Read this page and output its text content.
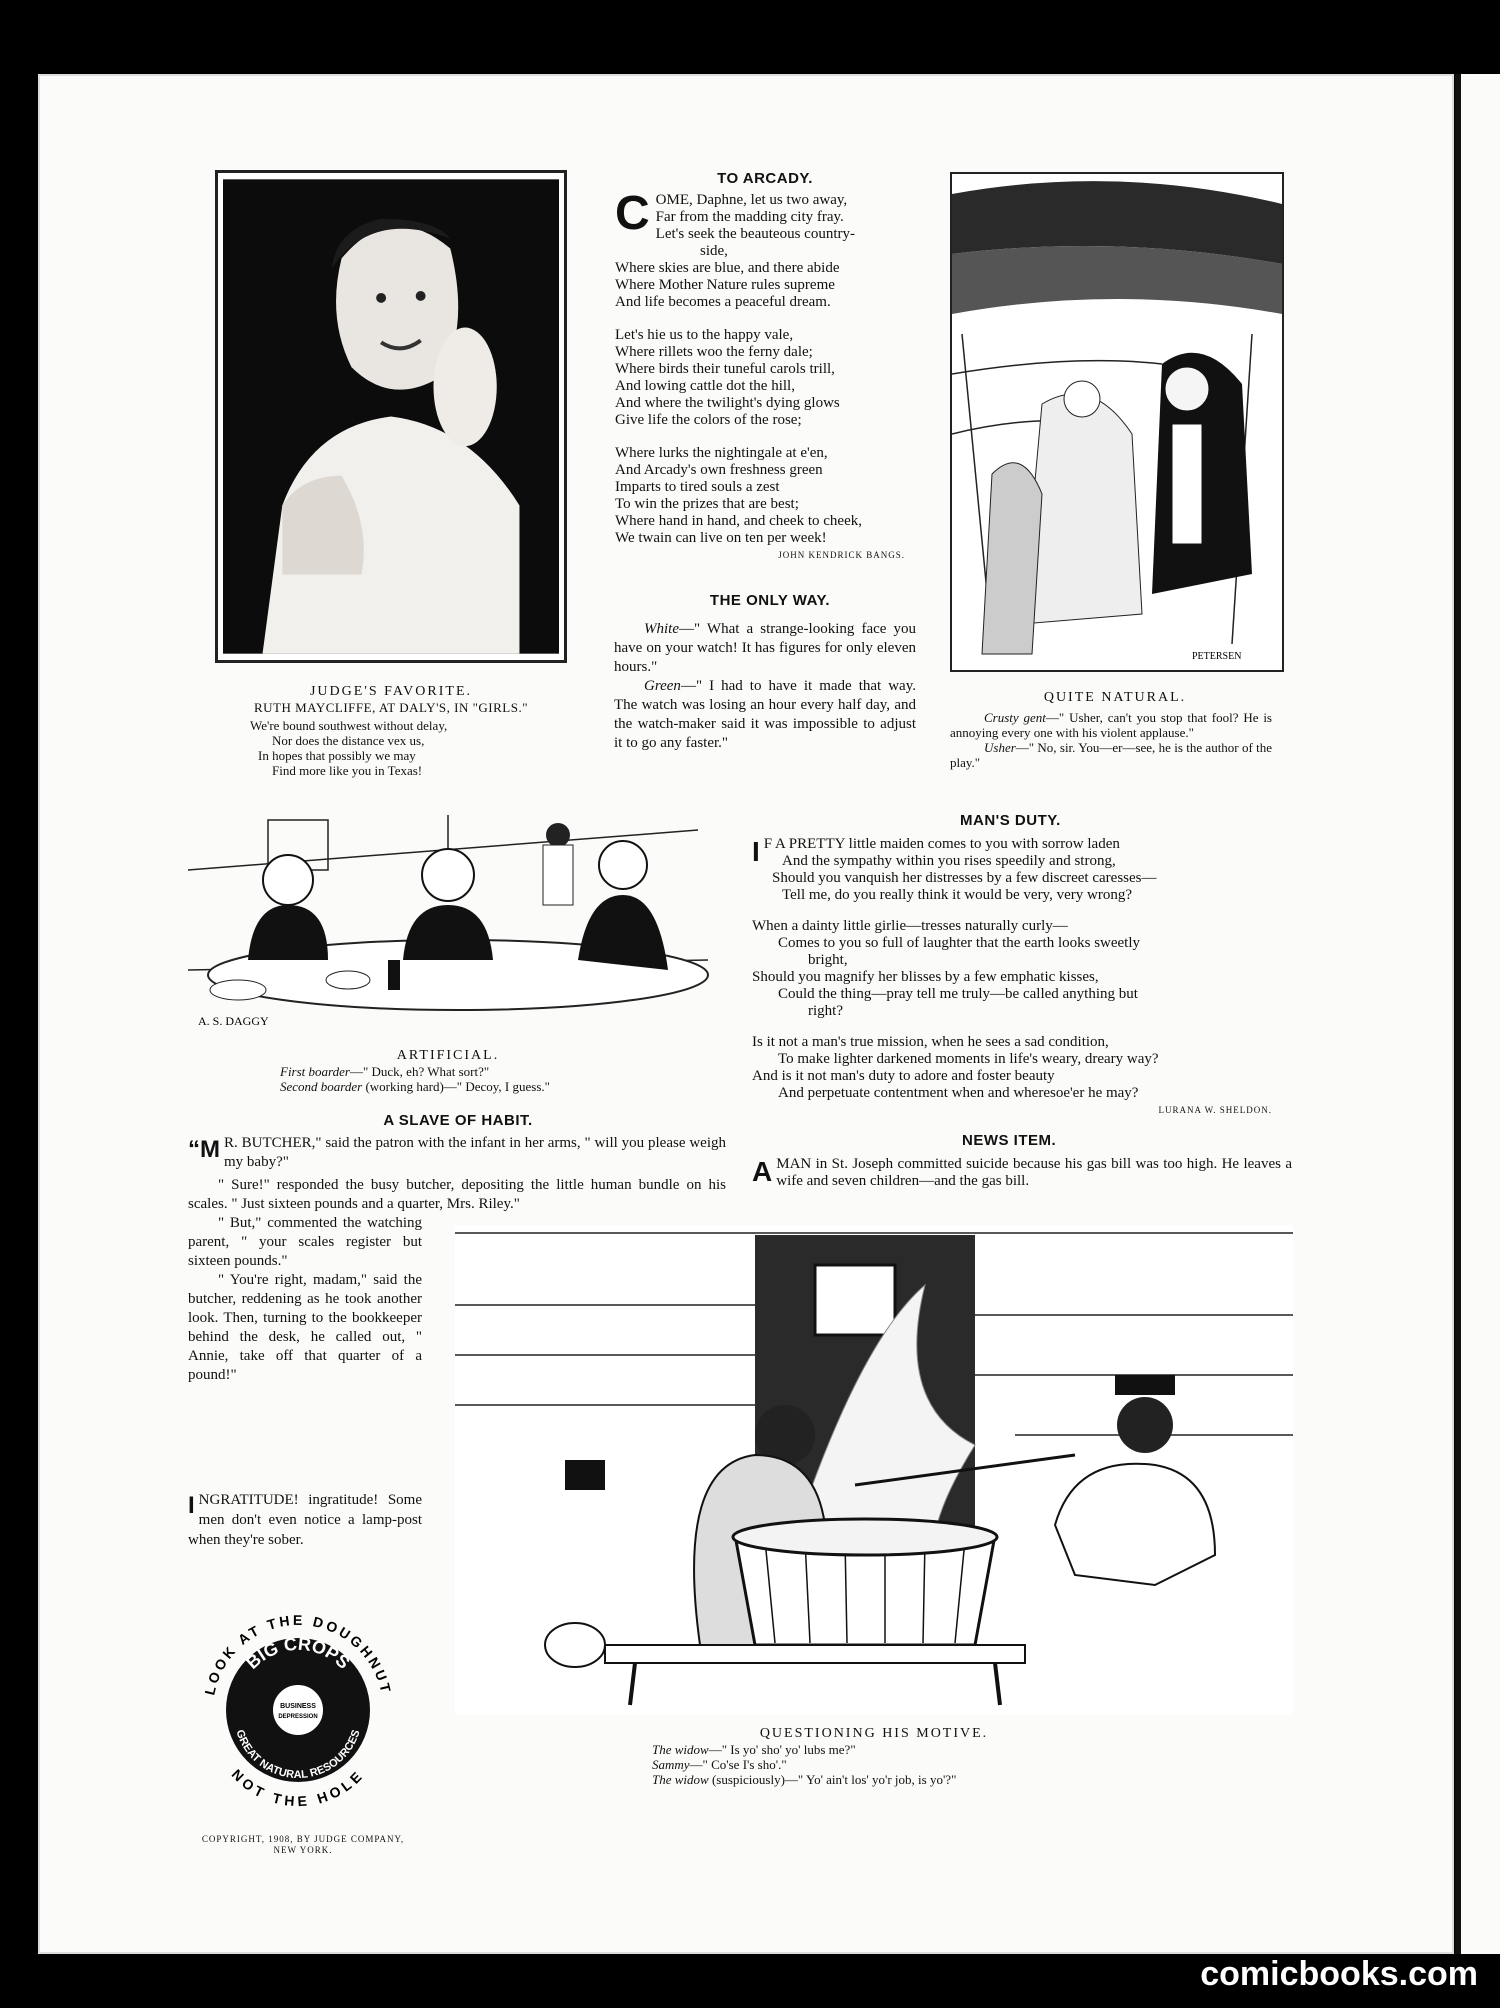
comicbooks.com
JUDGE'S FAVORITE.
RUTH MAYCLIFFE, AT DALY'S, IN "GIRLS."
We're bound southwest without delay,
Nor does the distance vex us,
In hopes that possibly we may
Find more like you in Texas!
TO ARCADY.
C OME, Daphne, let us two away,
Far from the madding city fray.
Let's seek the beauteous country-
side,
Where skies are blue, and there abide
Where Mother Nature rules supreme
And life becomes a peaceful dream.
Let's hie us to the happy vale,
Where rillets woo the ferny dale;
Where birds their tuneful carols trill,
And lowing cattle dot the hill,
And where the twilight's dying glows
Give life the colors of the rose;
Where lurks the nightingale at e'en,
And Arcady's own freshness green
Imparts to tired souls a zest
To win the prizes that are best;
Where hand in hand, and cheek to cheek,
We twain can live on ten per week!
JOHN KENDRICK BANGS.
THE ONLY WAY.
White—" What a strange-looking face you have on your watch! It has figures for only eleven hours."
Green—" I had to have it made that way. The watch was losing an hour every half day, and the watch-maker said it was impossible to adjust it to go any faster."
PETERSEN
QUITE NATURAL.
Crusty gent—" Usher, can't you stop that fool? He is annoying every one with his violent applause."
Usher—" No, sir. You—er—see, he is the author of the play."
A. S. DAGGY
ARTIFICIAL.
First boarder—" Duck, eh? What sort?"
Second boarder (working hard)—" Decoy, I guess."
MAN'S DUTY.
I F A PRETTY little maiden comes to you with sorrow laden
And the sympathy within you rises speedily and strong,
Should you vanquish her distresses by a few discreet caresses—
Tell me, do you really think it would be very, very wrong?
When a dainty little girlie—tresses naturally curly—
Comes to you so full of laughter that the earth looks sweetly
bright,
Should you magnify her blisses by a few emphatic kisses,
Could the thing—pray tell me truly—be called anything but
right?
Is it not a man's true mission, when he sees a sad condition,
To make lighter darkened moments in life's weary, dreary way?
And is it not man's duty to adore and foster beauty
And perpetuate contentment when and wheresoe'er he may?
LURANA W. SHELDON.
NEWS ITEM.
AMAN in St. Joseph committed suicide because his gas bill was too high. He leaves a wife and seven children—and the gas bill.
A SLAVE OF HABIT.
“M R. BUTCHER," said the patron with the infant in her arms, " will you please weigh my baby?"
" Sure!" responded the busy butcher, depositing the little human bundle on his scales. " Just sixteen pounds and a quarter, Mrs. Riley."
" But," commented the watching parent, " your scales register but sixteen pounds."
" You're right, madam," said the butcher, reddening as he took another look. Then, turning to the bookkeeper behind the desk, he called out, " Annie, take off that quarter of a pound!"
INGRATITUDE! ingratitude! Some men don't even notice a lamp-post when they're sober.
LOOK AT THE DOUGHNUT
NOT THE HOLE
BIG CROPS
GREAT NATURAL RESOURCES
BUSINESS
DEPRESSION
COPYRIGHT, 1908, BY JUDGE COMPANY,
NEW YORK.
QUESTIONING HIS MOTIVE.
The widow—" Is yo' sho' yo' lubs me?"
Sammy—" Co'se I's sho'."
The widow (suspiciously)—" Yo' ain't los' yo'r job, is yo'?"
